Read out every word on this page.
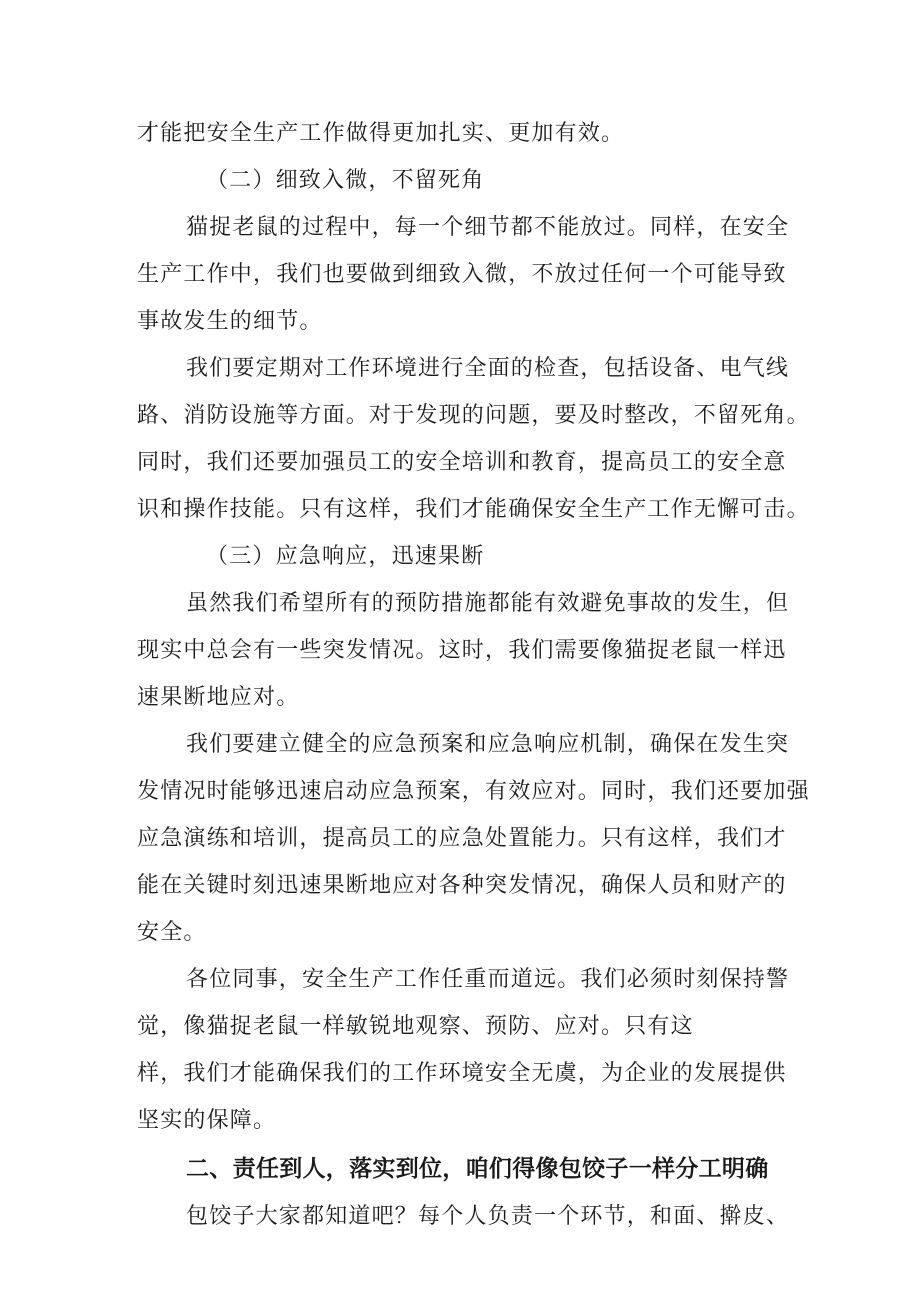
才能把安全生产工作做得更加扎实、更加有效。
（二）细致入微，不留死角
猫捉老鼠的过程中，每一个细节都不能放过。同样，在安全
生产工作中，我们也要做到细致入微，不放过任何一个可能导致
事故发生的细节。
我们要定期对工作环境进行全面的检查，包括设备、电气线
路、消防设施等方面。对于发现的问题，要及时整改，不留死角。
同时，我们还要加强员工的安全培训和教育，提高员工的安全意
识和操作技能。只有这样，我们才能确保安全生产工作无懈可击。
（三）应急响应，迅速果断
虽然我们希望所有的预防措施都能有效避免事故的发生，但
现实中总会有一些突发情况。这时，我们需要像猫捉老鼠一样迅
速果断地应对。
我们要建立健全的应急预案和应急响应机制，确保在发生突
发情况时能够迅速启动应急预案，有效应对。同时，我们还要加强
应急演练和培训，提高员工的应急处置能力。只有这样，我们才
能在关键时刻迅速果断地应对各种突发情况，确保人员和财产的
安全。
各位同事，安全生产工作任重而道远。我们必须时刻保持警
觉，像猫捉老鼠一样敏锐地观察、预防、应对。只有这
样，我们才能确保我们的工作环境安全无虞，为企业的发展提供
坚实的保障。
二、责任到人，落实到位，咱们得像包饺子一样分工明确
包饺子大家都知道吧？每个人负责一个环节，和面、擀皮、
